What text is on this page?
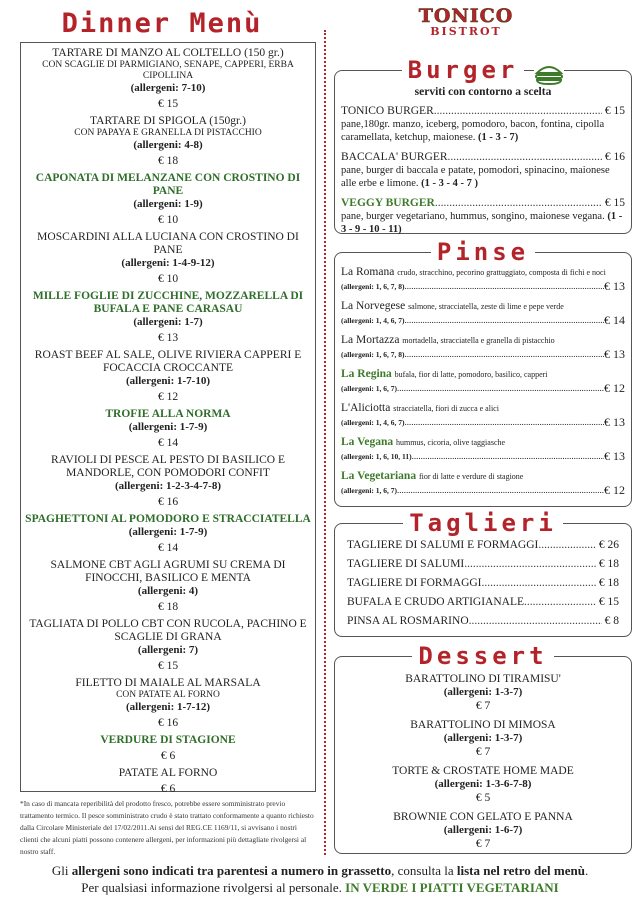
Dinner Menù
TARTARE DI MANZO AL COLTELLO (150 gr.)
CON SCAGLIE DI PARMIGIANO, SENAPE, CAPPERI, ERBA CIPOLLINA
(allergeni: 7-10)
€ 15
TARTARE DI SPIGOLA (150gr.)
CON PAPAYA E GRANELLA DI PISTACCHIO
(allergeni: 4-8)
€ 18
CAPONATA DI MELANZANE CON CROSTINO DI PANE
(allergeni: 1-9)
€ 10
MOSCARDINI ALLA LUCIANA CON CROSTINO DI PANE
(allergeni: 1-4-9-12)
€ 10
MILLE FOGLIE DI ZUCCHINE, MOZZARELLA DI BUFALA E PANE CARASAU
(allergeni: 1-7)
€ 13
ROAST BEEF AL SALE, OLIVE RIVIERA CAPPERI E FOCACCIA CROCCANTE
(allergeni: 1-7-10)
€ 12
TROFIE ALLA NORMA
(allergeni: 1-7-9)
€ 14
RAVIOLI DI PESCE AL PESTO DI BASILICO E MANDORLE, CON POMODORI CONFIT
(allergeni: 1-2-3-4-7-8)
€ 16
SPAGHETTONI AL POMODORO E STRACCIATELLA
(allergeni: 1-7-9)
€ 14
SALMONE CBT AGLI AGRUMI SU CREMA DI FINOCCHI, BASILICO E MENTA
(allergeni: 4)
€ 18
TAGLIATA DI POLLO CBT CON RUCOLA, PACHINO E SCAGLIE DI GRANA
(allergeni: 7)
€ 15
FILETTO DI MAIALE AL MARSALA
CON PATATE AL FORNO
(allergeni: 1-7-12)
€ 16
VERDURE DI STAGIONE
€ 6
PATATE AL FORNO
€ 6
*In caso di mancata reperibilità del prodotto fresco, potrebbe essere somministrato previo trattamento termico. Il pesce somministrato crudo è stato trattato conformamente a quanto richiesto dalla Circolare Ministeriale del 17/02/2011.Ai sensi del REG.CE 1169/11, si avvisano i nostri clienti che alcuni piatti possono contenere allergeni, per informazioni più dettagliate rivolgersi al nostro staff.
TONICO
BISTROT
Burger
serviti con contorno a scelta
TONICO BURGER .....	€ 15
pane,180gr. manzo, iceberg, pomodoro, bacon, fontina, cipolla caramellata, ketchup, maionese. (1 - 3 - 7)
BACCALA' BURGER .....	€ 16
pane, burger di baccala e patate, pomodori, spinacino, maionese alle erbe e limone. (1 - 3 - 4 - 7 )
VEGGY BURGER .....	€ 15
pane, burger vegetariano, hummus, songino, maionese vegana. (1 - 3 - 9 - 10 - 11)
Pinse
La Romana crudo, stracchino, pecorino grattuggiato, composta di fichi e noci
(allergeni: 1, 6, 7, 8) .....	€ 13
La Norvegese salmone, stracciatella, zeste di lime e pepe verde
(allergeni: 1, 4, 6, 7) .....	€ 14
La Mortazza mortadella, stracciatella e granella di pistacchio
(allergeni: 1, 6, 7, 8) .....	€ 13
La Regina bufala, fior di latte, pomodoro, basilico, capperi
(allergeni: 1, 6, 7) .....	€ 12
L'Aliciotta stracciatella, fiori di zucca e alici
(allergeni: 1, 4, 6, 7) .....	€ 13
La Vegana hummus, cicoria, olive taggiasche
(allergeni: 1, 6, 10, 11) .....	€ 13
La Vegetariana fior di latte e verdure di stagione
(allergeni: 1, 6, 7) .....	€ 12
Taglieri
TAGLIERE DI SALUMI E FORMAGGI .....	€ 26
TAGLIERE DI SALUMI .....	€ 18
TAGLIERE DI FORMAGGI .....	€ 18
BUFALA E CRUDO ARTIGIANALE .....	€ 15
PINSA AL ROSMARINO .....	€ 8
Dessert
BARATTOLINO DI TIRAMISU'
(allergeni: 1-3-7)
€ 7
BARATTOLINO DI MIMOSA
(allergeni: 1-3-7)
€ 7
TORTE & CROSTATE HOME MADE
(allergeni: 1-3-6-7-8)
€ 5
BROWNIE CON GELATO E PANNA
(allergeni: 1-6-7)
€ 7
Gli allergeni sono indicati tra parentesi a numero in grassetto, consulta la lista nel retro del menù.
Per qualsiasi informazione rivolgersi al personale. IN VERDE I PIATTI VEGETARIANI
